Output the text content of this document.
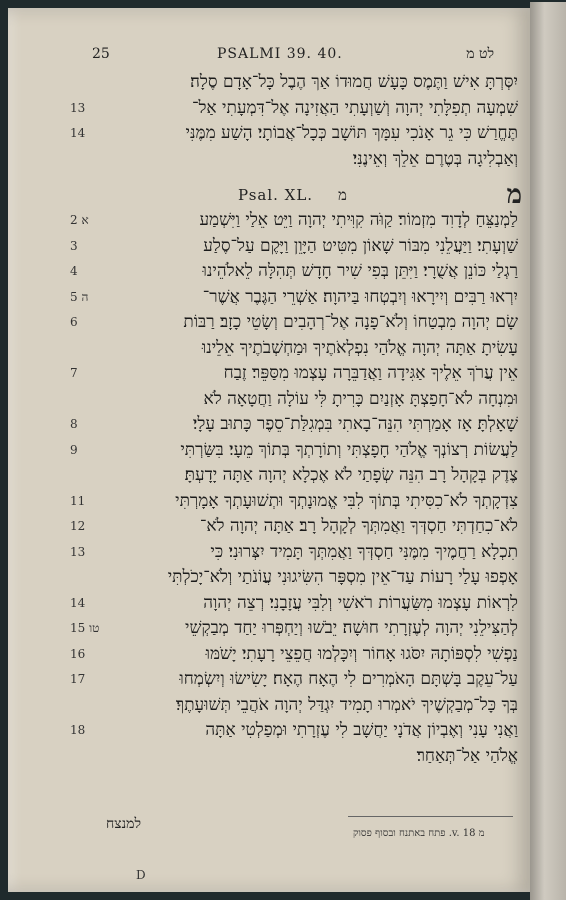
25	PSALMI 39. 40.	לט מ
יִסְּרְתָּ אִישׁ וַתֶּמֶס כָּעָשׁ חֲמוּדוֹ אַךְ הֶבֶל כָּל־אָדָם סֶלָה׃
שִׁמְעָה תְפִלָּתִי יְהוָה וְשַׁוְעָתִי הַאֲזִינָה אֶל־דִּמְעָתִי אַל־
13
תֶּחֱרַשׁ כִּי גֵר אָנֹכִי עִמָּךְ תּוֹשָׁב כְּכָל־אֲבוֹתָי׃ הָשַׁע מִמֶּנִּי
14
וְאַבְלִיגָה בְּטֶרֶם אֵלֵךְ וְאֵינֶנִּי׃
Psal. XL. מ	מ
לַמְנַצֵּחַ לְדָוִד מִזְמוֹר׃ קַוֹּה קִוִּיתִי יְהוָה וַיֵּט אֵלַי וַיִּשְׁמַע
2 א
שַׁוְעָתִי׃ וַיַּעֲלֵנִי מִבּוֹר שָׁאוֹן מִטִּיט הַיָּוֵן וַיָּקֶם עַל־סֶלַע
3
רַגְלַי כּוֹנֵן אֲשֻׁרָי׃ וַיִּתֵּן בְּפִי שִׁיר חָדָשׁ תְּהִלָּה לֵאלֹהֵינוּ
4
יִרְאוּ רַבִּים וְיִירָאוּ וְיִבְטְחוּ בַּיהוָה׃ אַשְׁרֵי הַגֶּבֶר אֲשֶׁר־
5 ה
שָׂם יְהוָה מִבְטַחוֹ וְלֹא־פָנָה אֶל־רְהָבִים וְשָׂטֵי כָזָב׃ רַבּוֹת
6
עָשִׂיתָ אַתָּה יְהוָה אֱלֹהַי נִפְלְאֹתֶיךָ וּמַחְשְׁבֹתֶיךָ אֵלֵינוּ
אֵין עֲרֹךְ אֵלֶיךָ אַגִּידָה וַאֲדַבֵּרָה עָצְמוּ מִסַּפֵּר׃ זֶבַח
7
וּמִנְחָה לֹא־חָפַצְתָּ אָזְנַיִם כָּרִיתָ לִּי עוֹלָה וַחֲטָאָה לֹא
שָׁאָלְתָּ׃ אָז אָמַרְתִּי הִנֵּה־בָאתִי בִּמְגִלַּת־סֵפֶר כָּתוּב עָלָי׃
8
לַעֲשׂוֹת רְצוֹנְךָ אֱלֹהַי חָפָצְתִּי וְתוֹרָתְךָ בְּתוֹךְ מֵעָי׃ בִּשַּׂרְתִּי
9
צֶדֶק בְּקָהָל רָב הִנֵּה שְׂפָתַי לֹא אֶכְלָא יְהוָה אַתָּה יָדָעְתָּ׃
צִדְקָתְךָ לֹא־כִסִּיתִי בְּתוֹךְ לִבִּי אֱמוּנָתְךָ וּתְשׁוּעָתְךָ אָמָרְתִּי
11
לֹא־כִחַדְתִּי חַסְדְּךָ וַאֲמִתְּךָ לְקָהָל רָב׃ אַתָּה יְהוָה לֹא־
12
תִכְלָא רַחֲמֶיךָ מִמֶּנִּי חַסְדְּךָ וַאֲמִתְּךָ תָּמִיד יִצְּרוּנִי׃ כִּי
13
אָפְפוּ עָלַי רָעוֹת עַד־אֵין מִסְפָּר הִשִּׂיגוּנִי עֲוֹנֹתַי וְלֹא־יָכֹלְתִּי
לִרְאוֹת עָצְמוּ מִשַּׂעֲרוֹת רֹאשִׁי וְלִבִּי עֲזָבָנִי׃ רְצֵה יְהוָה
14
לְהַצִּילֵנִי יְהוָה לְעֶזְרָתִי חוּשָׁה׃ יֵבֹשׁוּ וְיַחְפְּרוּ יַחַד מְבַקְשֵׁי
15 טו
נַפְשִׁי לִסְפּוֹתָהּ יִסֹּגוּ אָחוֹר וְיִכָּלְמוּ חֲפֵצֵי רָעָתִי׃ יָשֹׁמּוּ
16
עַל־עֵקֶב בָּשְׁתָּם הָאֹמְרִים לִי הֶאָח הֶאָח׃ יָשִׂישׂוּ וְיִשְׂמְחוּ
17
בְּךָ כָּל־מְבַקְשֶׁיךָ יֹאמְרוּ תָמִיד יִגְדַּל יְהוָה אֹהֲבֵי תְּשׁוּעָתֶךָ׃
וַאֲנִי עָנִי וְאֶבְיוֹן אֲדֹנָי יַחֲשָׁב לִי עֶזְרָתִי וּמְפַלְטִי אַתָּה
18
אֱלֹהַי אַל־תְּאַחַר׃
למנצח
מ v. 18. פתח באתנח ובסוף פסוק
D
